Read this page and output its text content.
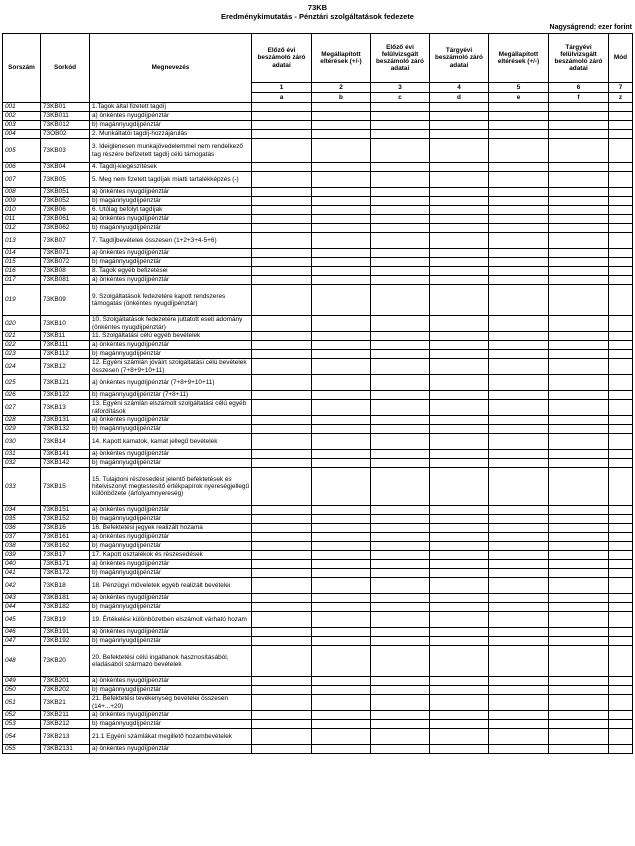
73KB
Eredménykimutatás - Pénztári szolgáltatások fedezete
Nagyságrend: ezer forint
Sorszám	Sorkód	Megnevezés	Előző évi beszámoló záró adatai	Megállapított eltérések (+/-)	Előző évi felülvizsgált beszámoló záró adatai	Tárgyévi beszámoló záró adatai	Megállapított eltérések (+/-)	Tárgyévi felülvizsgált beszámoló záró adatai	Mód
			1	2	3	4	5	6	7
			a	b	c	d	e	f	z
001	73KB01	1.Tagok által fizetett tagdíj							
002	73KB011	a) önkéntes nyugdíjpénztár							
003	73KB012	b) magánnyugdíjpénztár							
004	73OB02	2. Munkáltatói tagdíj-hozzájárulás							
005	73KB03	3. Ideiglenesen munkajövedelemmel nem rendelkező tag részére befizetett tagdíj célú támogatás							
006	73KB04	4. Tagdíj-kiegészítések							
007	73KB05	5. Meg nem fizetett tagdíjak miatti tartalékképzés (-)							
008	73KB051	a) önkéntes nyugdíjpénztár							
009	73KB052	b) magánnyugdíjpénztár							
010	73KB06	6. Utólag befolyt tagdíjak							
011	73KB061	a) önkéntes nyugdíjpénztár							
012	73KB062	b) magánnyugdíjpénztár							
013	73KB07	7. Tagdíjbevételek összesen (1+2+3+4-5+6)							
014	73KB071	a) önkéntes nyugdíjpénztár							
015	73KB072	b) magánnyugdíjpénztár							
016	73KB08	8. Tagok egyéb befizetései							
017	73KB081	a) önkéntes nyugdíjpénztár							
019	73KB09	9. Szolgáltatások fedezetére kapott rendszeres támogatás (önkéntes nyugdíjpénztár)							
020	73KB10	10. Szolgáltatások fedezetére juttatott eseti adomány (önkéntes nyugdíjpénztár)							
021	73KB11	11. Szolgáltatási célú egyéb bevételek							
022	73KB111	a) önkéntes nyugdíjpénztár							
023	73KB112	b) magánnyugdíjpénztár							
024	73KB12	12. Egyéni számlán jóváírt szolgáltatási célú bevételek összesen (7+8+9+10+11)							
025	73KB121	a) önkéntes nyugdíjpénztár (7+8+9+10+11)							
026	73KB122	b) magánnyugdíjpénztár (7+8+11)							
027	73KB13	13. Egyéni számlán elszámolt szolgáltatási célú egyéb ráfordítások							
028	73KB131	a) önkéntes nyugdíjpénztár							
029	73KB132	b) magánnyugdíjpénztár							
030	73KB14	14. Kapott kamatok, kamat jellegű bevételek							
031	73KB141	a) önkéntes nyugdíjpénztár							
032	73KB142	b) magánnyugdíjpénztár							
033	73KB15	15. Tulajdoni részesedést jelentő befektetések és hitelviszonyt megtestesítő értékpapírok nyereségjellegű különbözete (árfolyamnyereség)							
034	73KB151	a) önkéntes nyugdíjpénztár							
035	73KB152	b) magánnyugdíjpénztár							
036	73KB16	16. Befektetési jegyek realizált hozama							
037	73KB161	a) önkéntes nyugdíjpénztár							
038	73KB162	b) magánnyugdíjpénztár							
039	73KB17	17. Kapott osztalékok és részesedések							
040	73KB171	a) önkéntes nyugdíjpénztár							
041	73KB172	b) magánnyugdíjpénztár							
042	73KB18	18. Pénzügyi műveletek egyéb realizált bevételei							
043	73KB181	a) önkéntes nyugdíjpénztár							
044	73KB182	b) magánnyugdíjpénztár							
045	73KB19	19. Értékelési különbözetben elszámolt várható hozam							
046	73KB191	a) önkéntes nyugdíjpénztár							
047	73KB192	b) magánnyugdíjpénztár							
048	73KB20	20. Befektetési célú ingatlanok hasznosításából, eladásából származó bevételek							
049	73KB201	a) önkéntes nyugdíjpénztár							
050	73KB202	b) magánnyugdíjpénztár							
051	73KB21	21. Befektetési tevékenység bevételei összesen (14+...+20)							
052	73KB211	a) önkéntes nyugdíjpénztár							
053	73KB212	b) magánnyugdíjpénztár							
054	73KB213	21.1 Egyéni számlákat megillető hozambevételek							
055	73KB2131	a) önkéntes nyugdíjpénztár							
